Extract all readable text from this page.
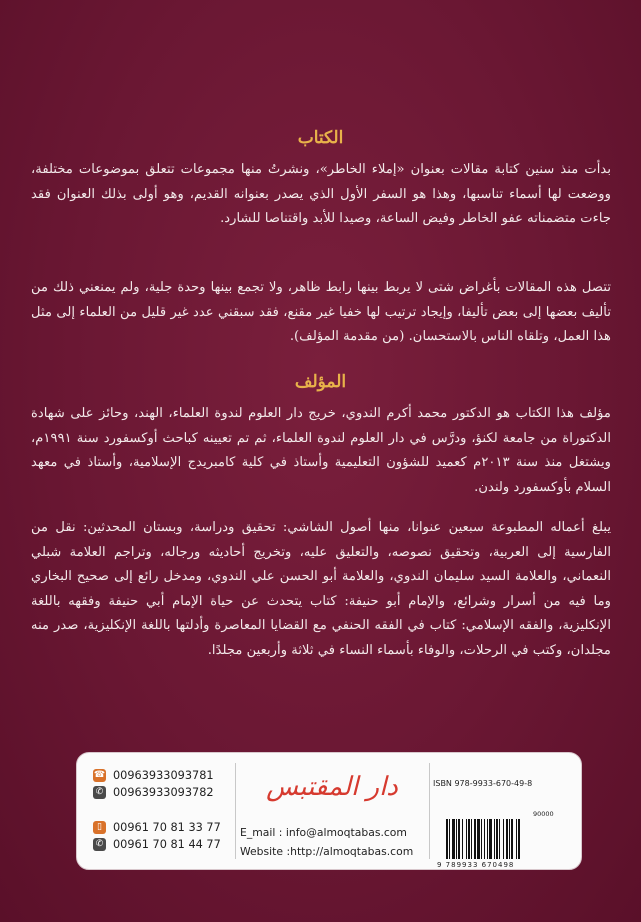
الكتاب
بدأت منذ سنين كتابة مقالات بعنوان «إملاء الخاطر»، ونشرتُ منها مجموعات تتعلق بموضوعات مختلفة، ووضعت لها أسماء تناسبها، وهذا هو السفر الأول الذي يصدر بعنوانه القديم، وهو أولى بذلك العنوان فقد جاءت متضمناته عفو الخاطر وفيض الساعة، وصيدا للأبد واقتناصا للشارد.
تتصل هذه المقالات بأغراض شتى لا يربط بينها رابط ظاهر، ولا تجمع بينها وحدة جلية، ولم يمنعني ذلك من تأليف بعضها إلى بعض تأليفا، وإيجاد ترتيب لها خفيا غير مقنع، فقد سبقني عدد غير قليل من العلماء إلى مثل هذا العمل، وتلقاه الناس بالاستحسان. (من مقدمة المؤلف).
المؤلف
مؤلف هذا الكتاب هو الدكتور محمد أكرم الندوي، خريج دار العلوم لندوة العلماء، الهند، وحائز على شهادة الدكتوراة من جامعة لكنؤ، ودرَّس في دار العلوم لندوة العلماء، ثم تم تعيينه كباحث أوكسفورد سنة ١٩٩١م، ويشتغل منذ سنة ٢٠١٣م كعميد للشؤون التعليمية وأستاذ في كلية كامبريدج الإسلامية، وأستاذ في معهد السلام بأوكسفورد ولندن.
يبلغ أعماله المطبوعة سبعين عنوانا، منها أصول الشاشي: تحقيق ودراسة، وبستان المحدثين: نقل من الفارسية إلى العربية، وتحقيق نصوصه، والتعليق عليه، وتخريج أحاديثه ورجاله، وتراجم العلامة شبلي النعماني، والعلامة السيد سليمان الندوي، والعلامة أبو الحسن علي الندوي، ومدخل رائع إلى صحيح البخاري وما فيه من أسرار وشرائع، والإمام أبو حنيفة: كتاب يتحدث عن حياة الإمام أبي حنيفة وفقهه باللغة الإنكليزية، والفقه الإسلامي: كتاب في الفقه الحنفي مع القضايا المعاصرة وأدلتها باللغة الإنكليزية، صدر منه مجلدان، وكتب في الرحلات، والوفاء بأسماء النساء في ثلاثة وأربعين مجلدًا.
☎
✆
00963933093781
00963933093782
▯
✆
00961 70 81 33 77
00961 70 81 44 77
دار المقتبس
E_mail : info@almoqtabas.com
Website :http://almoqtabas.com
ISBN 978-9933-670-49-8
90000
9 789933 670498
